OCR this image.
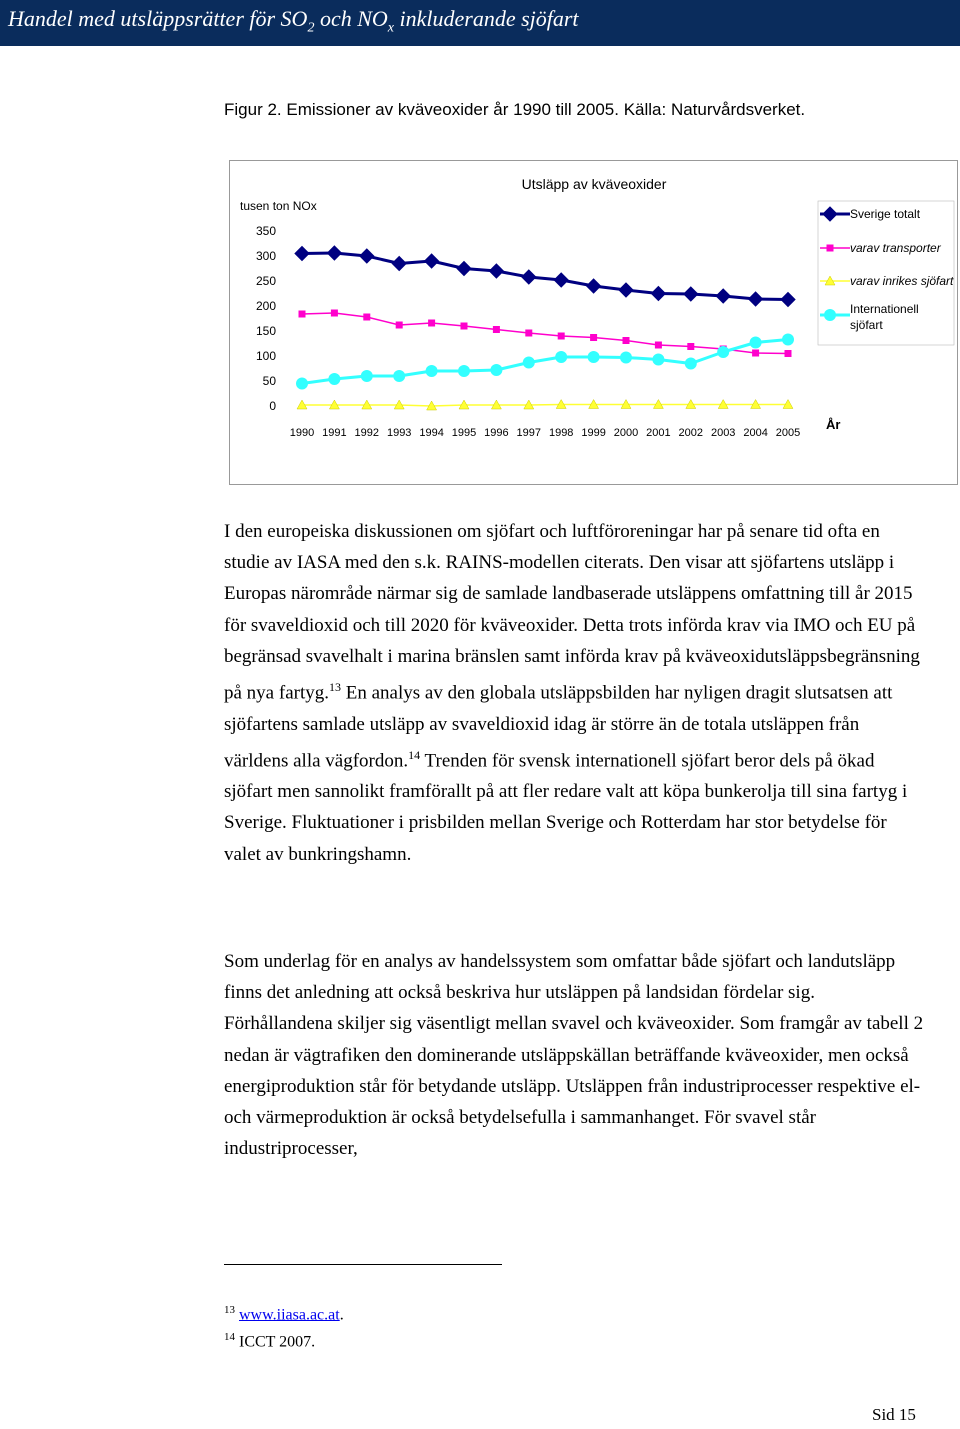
Handel med utsläppsrätter för $SO_2$ och $NO_x$ inkluderande sjöfart
Figur 2. Emissioner av kväveoxider år 1990 till 2005. Källa: Naturvårdsverket.
Utsläpp av kväveoxider
tusen ton NOx
År
0
50
100
150
200
250
300
350
1990 1991 1992 1993 1994 1995 1996 1997 1998 1999 2000 2001 2002 2003 2004 2005
Sverige totalt
varav transporter
varav inrikes sjöfart
Internationell
sjöfart
I den europeiska diskussionen om sjöfart och luftföroreningar har på senare tid ofta en studie av IASA med den s.k. RAINS-modellen citerats. Den visar att sjöfartens utsläpp i Europas närområde närmar sig de samlade landbaserade utsläppens omfattning till år 2015 för svaveldioxid och till 2020 för kväveoxider. Detta trots införda krav via IMO och EU på begränsad svavelhalt i marina bränslen samt införda krav på kväveoxidutsläppsbegränsning på nya fartyg.$^{13}$ En analys av den globala utsläppsbilden har nyligen dragit slutsatsen att sjöfartens samlade utsläpp av svaveldioxid idag är större än de totala utsläppen från världens alla vägfordon.$^{14}$ Trenden för svensk internationell sjöfart beror dels på ökad sjöfart men sannolikt framförallt på att fler redare valt att köpa bunkerolja till sina fartyg i Sverige. Fluktuationer i prisbilden mellan Sverige och Rotterdam har stor betydelse för valet av bunkringshamn.
Som underlag för en analys av handelssystem som omfattar både sjöfart och landutsläpp finns det anledning att också beskriva hur utsläppen på landsidan fördelar sig. Förhållandena skiljer sig väsentligt mellan svavel och kväveoxider. Som framgår av tabell 2 nedan är vägtrafiken den dominerande utsläppskällan beträffande kväveoxider, men också energiproduktion står för betydande utsläpp. Utsläppen från industriprocesser respektive el- och värmeproduktion är också betydelsefulla i sammanhanget. För svavel står industriprocesser,
$^{13}$ www.iiasa.ac.at.
$^{14}$ ICCT 2007.
Sid 15
